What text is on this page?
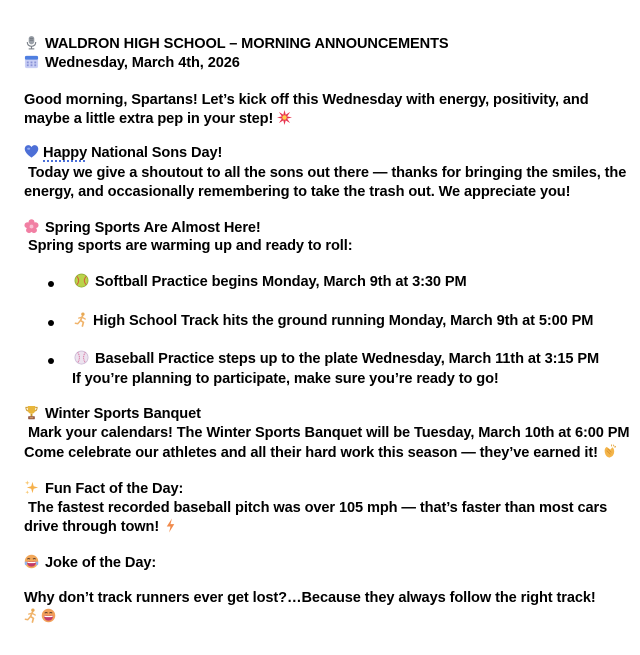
WALDRON HIGH SCHOOL – MORNING ANNOUNCEMENTS
Wednesday, March 4th, 2026
Good morning, Spartans! Let’s kick off this Wednesday with energy, positivity, and
maybe a little extra pep in your step!
Happy National Sons Day!
Today we give a shoutout to all the sons out there — thanks for bringing the smiles, the
energy, and occasionally remembering to take the trash out. We appreciate you!
Spring Sports Are Almost Here!
Spring sports are warming up and ready to roll:
Softball Practice begins Monday, March 9th at 3:30 PM
High School Track hits the ground running Monday, March 9th at 5:00 PM
Baseball Practice steps up to the plate Wednesday, March 11th at 3:15 PM
If you’re planning to participate, make sure you’re ready to go!
Winter Sports Banquet
Mark your calendars! The Winter Sports Banquet will be Tuesday, March 10th at 6:00 PM
Come celebrate our athletes and all their hard work this season — they’ve earned it!
Fun Fact of the Day:
The fastest recorded baseball pitch was over 105 mph — that’s faster than most cars
drive through town!
Joke of the Day:
Why don’t track runners ever get lost?…Because they always follow the right track!
